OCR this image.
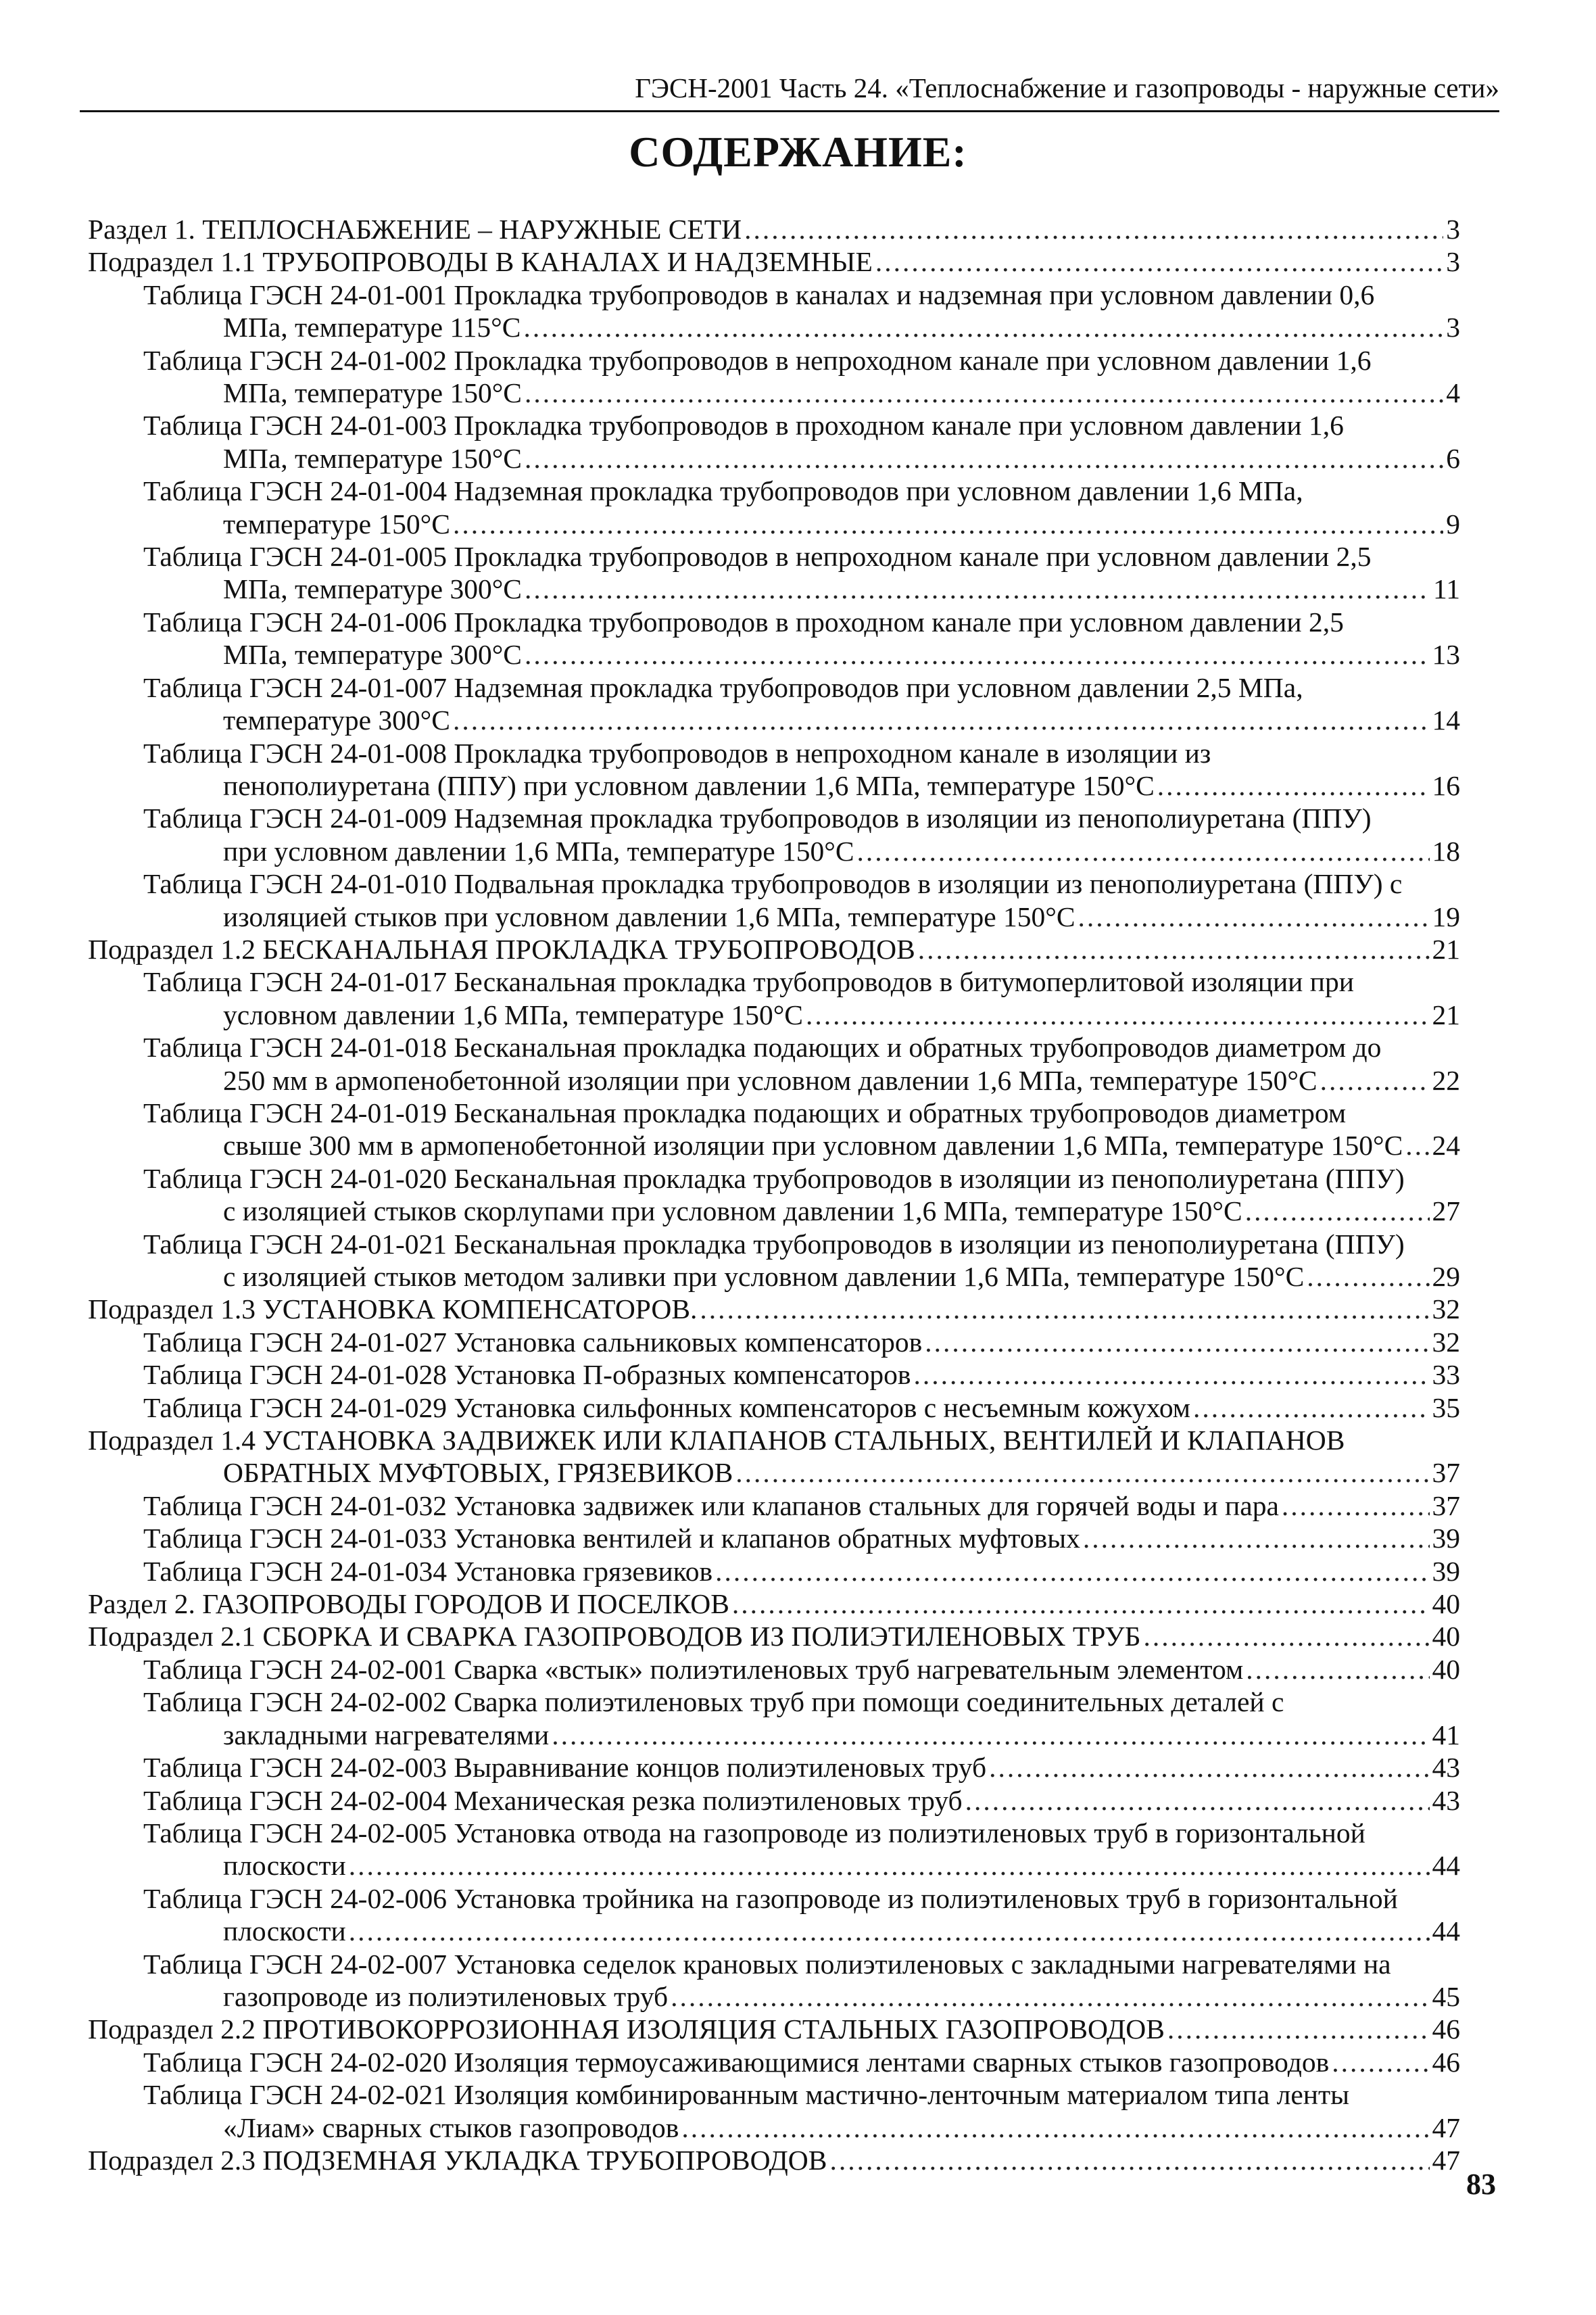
ГЭСН-2001 Часть 24. «Теплоснабжение и газопроводы - наружные сети»
СОДЕРЖАНИЕ:
Раздел 1. ТЕПЛОСНАБЖЕНИЕ – НАРУЖНЫЕ СЕТИ .....	3
Подраздел 1.1 ТРУБОПРОВОДЫ В КАНАЛАХ И НАДЗЕМНЫЕ .....	3
Таблица ГЭСН 24-01-001 Прокладка трубопроводов в каналах и надземная при условном давлении 0,6
МПа, температуре 115°С .....	3
Таблица ГЭСН 24-01-002 Прокладка трубопроводов в непроходном канале при условном давлении 1,6
МПа, температуре 150°С .....	4
Таблица ГЭСН 24-01-003 Прокладка трубопроводов в проходном канале при условном давлении 1,6
МПа, температуре 150°С .....	6
Таблица ГЭСН 24-01-004 Надземная прокладка трубопроводов при условном давлении 1,6 МПа,
температуре 150°С .....	9
Таблица ГЭСН 24-01-005 Прокладка трубопроводов в непроходном канале при условном давлении 2,5
МПа, температуре 300°С .....	11
Таблица ГЭСН 24-01-006 Прокладка трубопроводов в проходном канале при условном давлении 2,5
МПа, температуре 300°С .....	13
Таблица ГЭСН 24-01-007 Надземная прокладка трубопроводов при условном давлении 2,5 МПа,
температуре 300°С .....	14
Таблица ГЭСН 24-01-008 Прокладка трубопроводов в непроходном канале в изоляции из
пенополиуретана (ППУ) при условном давлении 1,6 МПа, температуре 150°С .....	16
Таблица ГЭСН 24-01-009 Надземная прокладка трубопроводов в изоляции из пенополиуретана (ППУ)
при условном давлении 1,6 МПа, температуре 150°С .....	18
Таблица ГЭСН 24-01-010 Подвальная прокладка трубопроводов в изоляции из пенополиуретана (ППУ) с
изоляцией стыков при условном давлении 1,6 МПа, температуре 150°С .....	19
Подраздел 1.2 БЕСКАНАЛЬНАЯ ПРОКЛАДКА ТРУБОПРОВОДОВ .....	21
Таблица ГЭСН 24-01-017 Бесканальная прокладка трубопроводов в битумоперлитовой изоляции при
условном давлении 1,6 МПа, температуре 150°С .....	21
Таблица ГЭСН 24-01-018 Бесканальная прокладка подающих и обратных трубопроводов диаметром до
250 мм в армопенобетонной изоляции при условном давлении 1,6 МПа, температуре 150°С .....	22
Таблица ГЭСН 24-01-019 Бесканальная прокладка подающих и обратных трубопроводов диаметром
свыше 300 мм в армопенобетонной изоляции при условном давлении 1,6 МПа, температуре 150°С ..... 24
Таблица ГЭСН 24-01-020 Бесканальная прокладка трубопроводов в изоляции из пенополиуретана (ППУ)
с изоляцией стыков скорлупами при условном давлении 1,6 МПа, температуре 150°С .....	27
Таблица ГЭСН 24-01-021 Бесканальная прокладка трубопроводов в изоляции из пенополиуретана (ППУ)
с изоляцией стыков методом заливки при условном давлении 1,6 МПа, температуре 150°С .....	29
Подраздел 1.3 УСТАНОВКА КОМПЕНСАТОРОВ. .....	32
Таблица ГЭСН 24-01-027 Установка сальниковых компенсаторов .....	32
Таблица ГЭСН 24-01-028 Установка П-образных компенсаторов .....	33
Таблица ГЭСН 24-01-029 Установка сильфонных компенсаторов с несъемным кожухом .....	35
Подраздел 1.4 УСТАНОВКА ЗАДВИЖЕК ИЛИ КЛАПАНОВ СТАЛЬНЫХ, ВЕНТИЛЕЙ И КЛАПАНОВ
ОБРАТНЫХ МУФТОВЫХ, ГРЯЗЕВИКОВ .....	37
Таблица ГЭСН 24-01-032 Установка задвижек или клапанов стальных для горячей воды и пара .....	37
Таблица ГЭСН 24-01-033 Установка вентилей и клапанов обратных муфтовых .....	39
Таблица ГЭСН 24-01-034 Установка грязевиков .....	39
Раздел 2. ГАЗОПРОВОДЫ ГОРОДОВ И ПОСЕЛКОВ .....	40
Подраздел 2.1 СБОРКА И СВАРКА ГАЗОПРОВОДОВ ИЗ ПОЛИЭТИЛЕНОВЫХ ТРУБ .....	40
Таблица ГЭСН 24-02-001 Сварка «встык» полиэтиленовых труб нагревательным элементом .....	40
Таблица ГЭСН 24-02-002 Сварка полиэтиленовых труб при помощи соединительных деталей с
закладными нагревателями .....	41
Таблица ГЭСН 24-02-003 Выравнивание концов полиэтиленовых труб .....	43
Таблица ГЭСН 24-02-004 Механическая резка полиэтиленовых труб .....	43
Таблица ГЭСН 24-02-005 Установка отвода на газопроводе из полиэтиленовых труб в горизонтальной
плоскости .....	44
Таблица ГЭСН 24-02-006 Установка тройника на газопроводе из полиэтиленовых труб в горизонтальной
плоскости .....	44
Таблица ГЭСН 24-02-007 Установка седелок крановых полиэтиленовых с закладными нагревателями на
газопроводе из полиэтиленовых труб .....	45
Подраздел 2.2 ПРОТИВОКОРРОЗИОННАЯ ИЗОЛЯЦИЯ СТАЛЬНЫХ ГАЗОПРОВОДОВ .....	46
Таблица ГЭСН 24-02-020 Изоляция термоусаживающимися лентами сварных стыков газопроводов .....	46
Таблица ГЭСН 24-02-021 Изоляция комбинированным мастично-ленточным материалом типа ленты
«Лиам» сварных стыков газопроводов .....	47
Подраздел 2.3 ПОДЗЕМНАЯ УКЛАДКА ТРУБОПРОВОДОВ .....	47
83
